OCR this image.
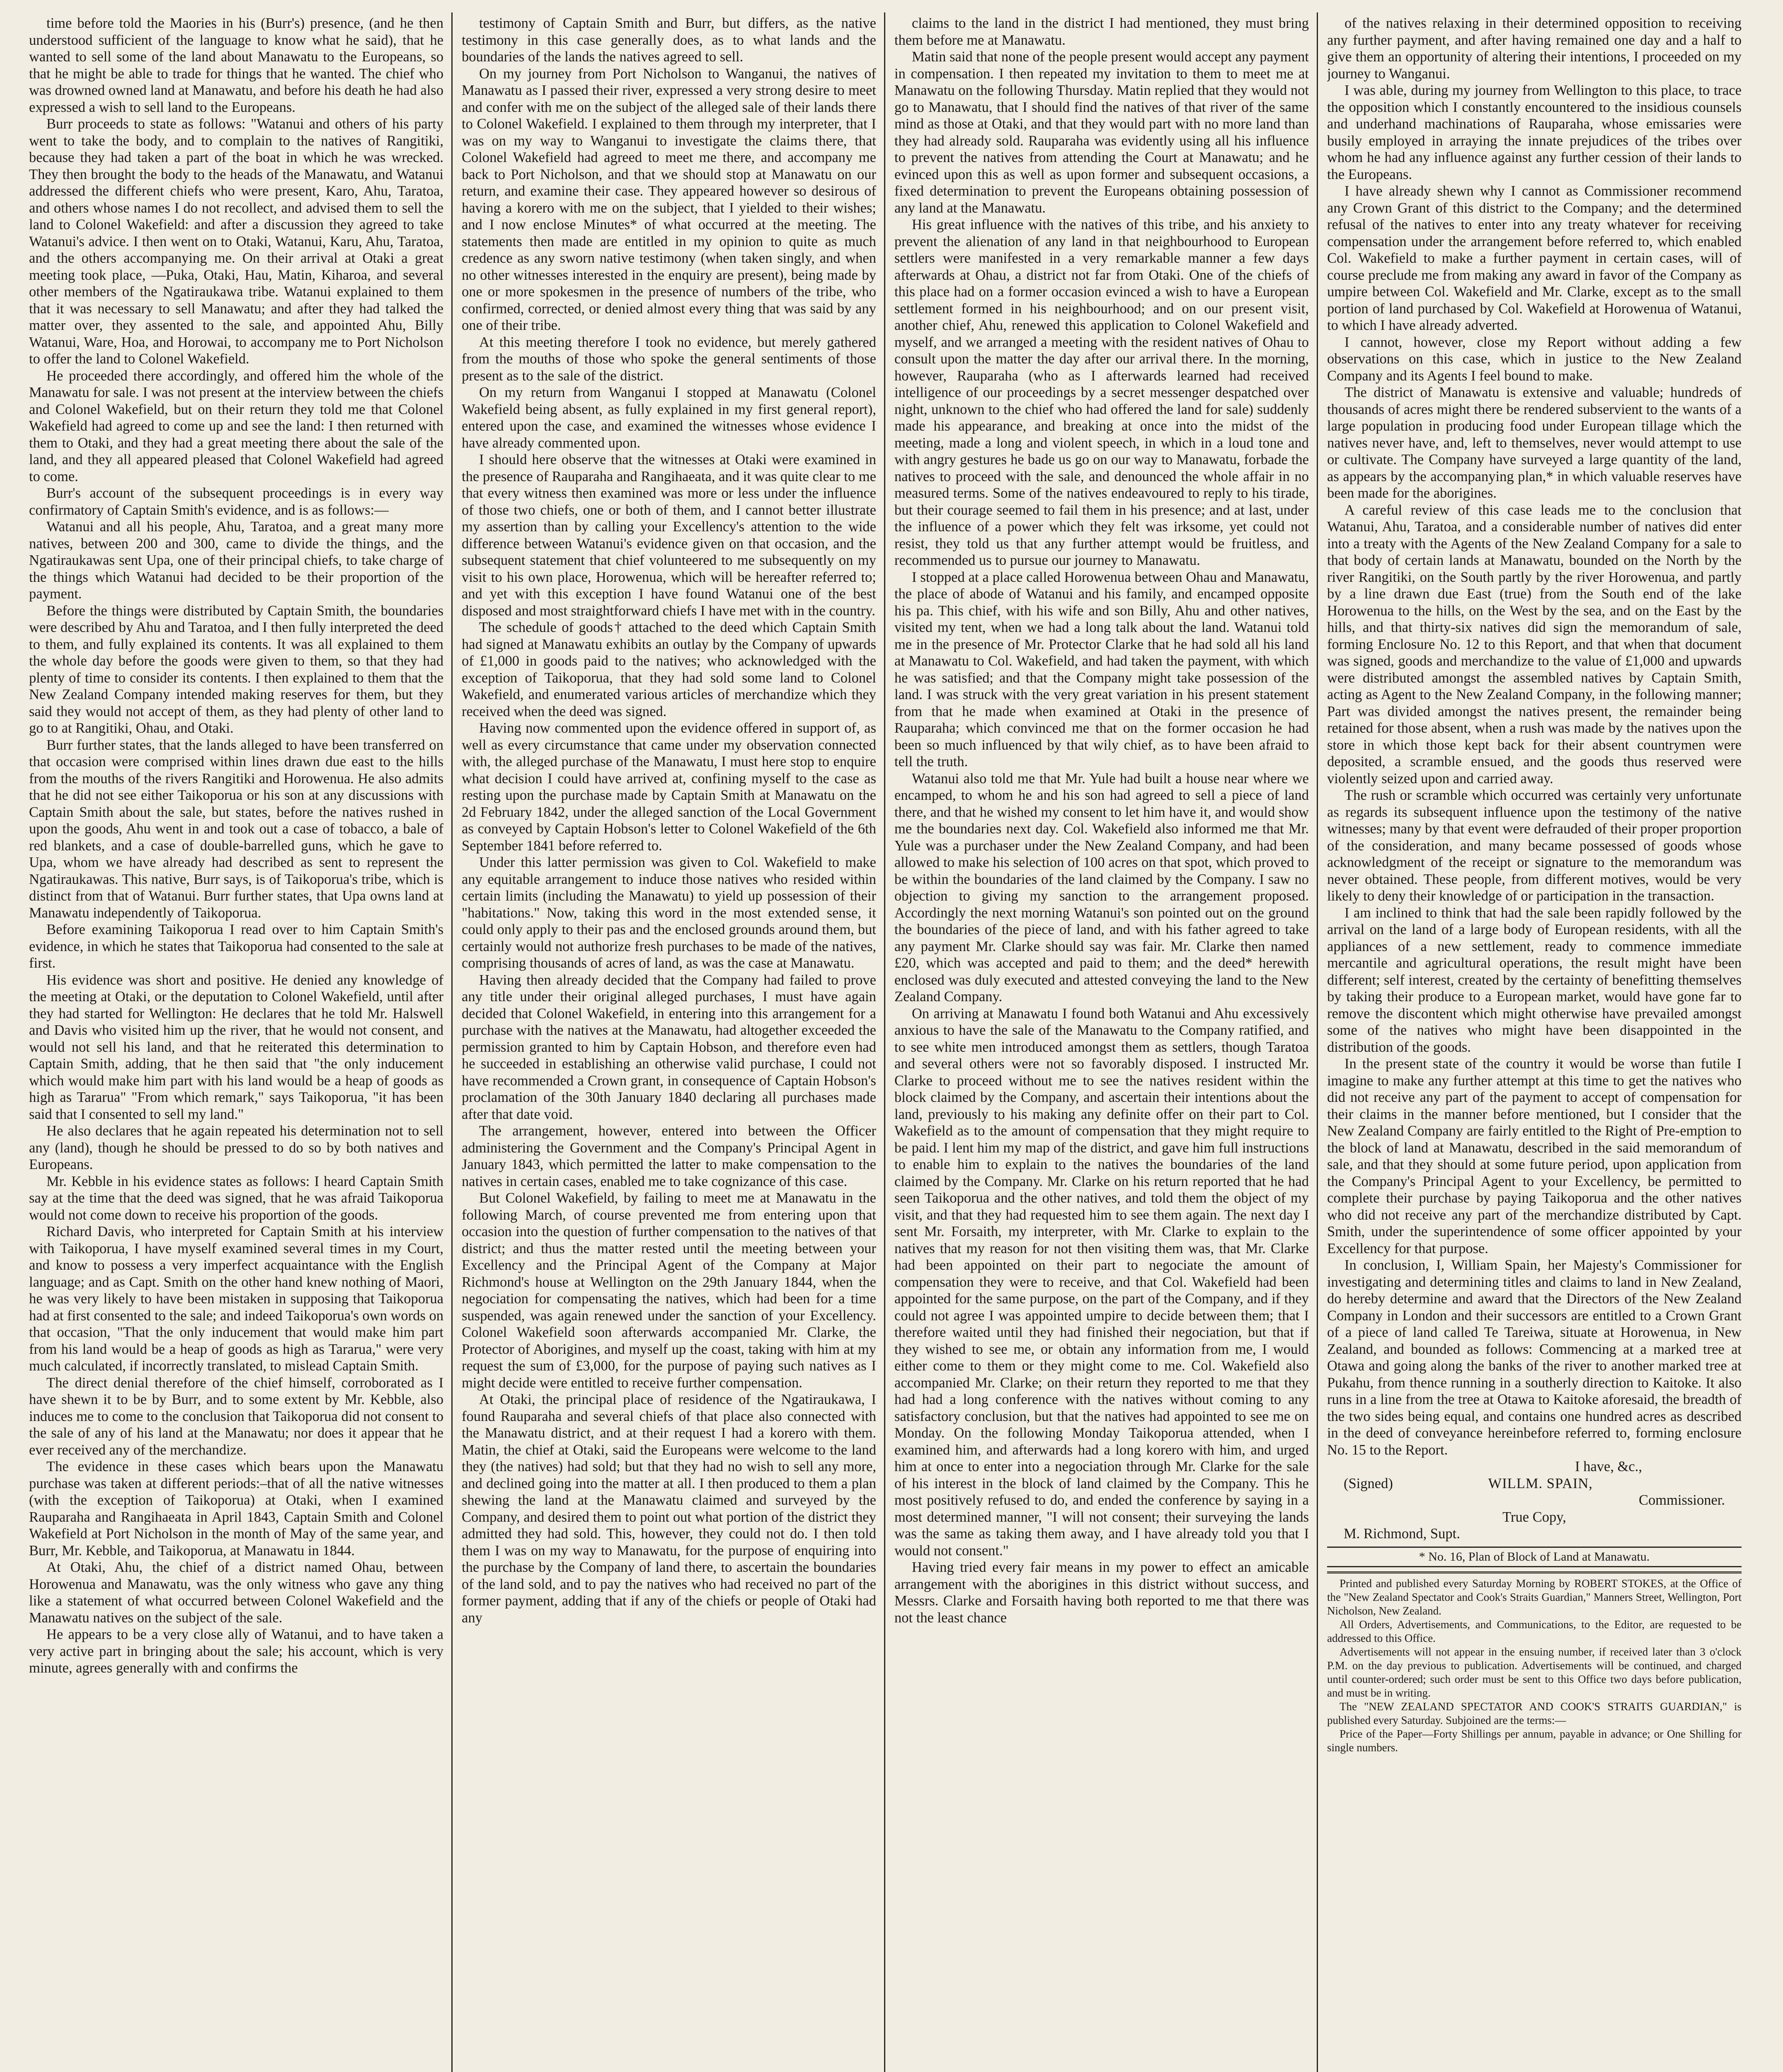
time before told the Maories in his (Burr's) presence, (and he then understood sufficient of the language to know what he said), that he wanted to sell some of the land about Manawatu to the Europeans, so that he might be able to trade for things that he wanted. The chief who was drowned owned land at Manawatu, and before his death he had also expressed a wish to sell land to the Europeans.

Burr proceeds to state as follows: "Watanui and others of his party went to take the body, and to complain to the natives of Rangitiki, because they had taken a part of the boat in which he was wrecked. They then brought the body to the heads of the Manawatu, and Watanui addressed the different chiefs who were present, Karo, Ahu, Taratoa, and others whose names I do not recollect, and advised them to sell the land to Colonel Wakefield: and after a discussion they agreed to take Watanui's advice. I then went on to Otaki, Watanui, Karu, Ahu, Taratoa, and the others accompanying me. On their arrival at Otaki a great meeting took place, —Puka, Otaki, Hau, Matin, Kiharoa, and several other members of the Ngatiraukawa tribe. Watanui explained to them that it was necessary to sell Manawatu; and after they had talked the matter over, they assented to the sale, and appointed Ahu, Billy Watanui, Ware, Hoa, and Horowai, to accompany me to Port Nicholson to offer the land to Colonel Wakefield.

He proceeded there accordingly, and offered him the whole of the Manawatu for sale. I was not present at the interview between the chiefs and Colonel Wakefield, but on their return they told me that Colonel Wakefield had agreed to come up and see the land: I then returned with them to Otaki, and they had a great meeting there about the sale of the land, and they all appeared pleased that Colonel Wakefield had agreed to come.

Burr's account of the subsequent proceedings is in every way confirmatory of Captain Smith's evidence, and is as follows:—

Watanui and all his people, Ahu, Taratoa, and a great many more natives, between 200 and 300, came to divide the things, and the Ngatiraukawas sent Upa, one of their principal chiefs, to take charge of the things which Watanui had decided to be their proportion of the payment.

Before the things were distributed by Captain Smith, the boundaries were described by Ahu and Taratoa, and I then fully interpreted the deed to them, and fully explained its contents. It was all explained to them the whole day before the goods were given to them, so that they had plenty of time to consider its contents. I then explained to them that the New Zealand Company intended making reserves for them, but they said they would not accept of them, as they had plenty of other land to go to at Rangitiki, Ohau, and Otaki.

Burr further states, that the lands alleged to have been transferred on that occasion were comprised within lines drawn due east to the hills from the mouths of the rivers Rangitiki and Horowenua. He also admits that he did not see either Taikoporua or his son at any discussions with Captain Smith about the sale, but states, before the natives rushed in upon the goods, Ahu went in and took out a case of tobacco, a bale of red blankets, and a case of double-barrelled guns, which he gave to Upa, whom we have already had described as sent to represent the Ngatiraukawas. This native, Burr says, is of Taikoporua's tribe, which is distinct from that of Watanui. Burr further states, that Upa owns land at Manawatu independently of Taikoporua.

Before examining Taikoporua I read over to him Captain Smith's evidence, in which he states that Taikoporua had consented to the sale at first.

His evidence was short and positive. He denied any knowledge of the meeting at Otaki, or the deputation to Colonel Wakefield, until after they had started for Wellington: He declares that he told Mr. Halswell and Davis who visited him up the river, that he would not consent, and would not sell his land, and that he reiterated this determination to Captain Smith, adding, that he then said that "the only inducement which would make him part with his land would be a heap of goods as high as Tararua" "From which remark," says Taikoporua, "it has been said that I consented to sell my land."

He also declares that he again repeated his determination not to sell any (land), though he should be pressed to do so by both natives and Europeans.

Mr. Kebble in his evidence states as follows: I heard Captain Smith say at the time that the deed was signed, that he was afraid Taikoporua would not come down to receive his proportion of the goods.

Richard Davis, who interpreted for Captain Smith at his interview with Taikoporua, I have myself examined several times in my Court, and know to possess a very imperfect acquaintance with the English language; and as Capt. Smith on the other hand knew nothing of Maori, he was very likely to have been mistaken in supposing that Taikoporua had at first consented to the sale; and indeed Taikoporua's own words on that occasion, "That the only inducement that would make him part from his land would be a heap of goods as high as Tararua," were very much calculated, if incorrectly translated, to mislead Captain Smith.

The direct denial therefore of the chief himself, corroborated as I have shewn it to be by Burr, and to some extent by Mr. Kebble, also induces me to come to the conclusion that Taikoporua did not consent to the sale of any of his land at the Manawatu; nor does it appear that he ever received any of the merchandize.

The evidence in these cases which bears upon the Manawatu purchase was taken at different periods:–that of all the native witnesses (with the exception of Taikoporua) at Otaki, when I examined Rauparaha and Rangihaeata in April 1843, Captain Smith and Colonel Wakefield at Port Nicholson in the month of May of the same year, and Burr, Mr. Kebble, and Taikoporua, at Manawatu in 1844.

At Otaki, Ahu, the chief of a district named Ohau, between Horowenua and Manawatu, was the only witness who gave any thing like a statement of what occurred between Colonel Wakefield and the Manawatu natives on the subject of the sale.

He appears to be a very close ally of Watanui, and to have taken a very active part in bringing about the sale; his account, which is very minute, agrees generally with and confirms the

testimony of Captain Smith and Burr, but differs, as the native testimony in this case generally does, as to what lands and the boundaries of the lands the natives agreed to sell.

On my journey from Port Nicholson to Wanganui, the natives of Manawatu as I passed their river, expressed a very strong desire to meet and confer with me on the subject of the alleged sale of their lands there to Colonel Wakefield. I explained to them through my interpreter, that I was on my way to Wanganui to investigate the claims there, that Colonel Wakefield had agreed to meet me there, and accompany me back to Port Nicholson, and that we should stop at Manawatu on our return, and examine their case. They appeared however so desirous of having a korero with me on the subject, that I yielded to their wishes; and I now enclose Minutes* of what occurred at the meeting. The statements then made are entitled in my opinion to quite as much credence as any sworn native testimony (when taken singly, and when no other witnesses interested in the enquiry are present), being made by one or more spokesmen in the presence of numbers of the tribe, who confirmed, corrected, or denied almost every thing that was said by any one of their tribe.

At this meeting therefore I took no evidence, but merely gathered from the mouths of those who spoke the general sentiments of those present as to the sale of the district.

On my return from Wanganui I stopped at Manawatu (Colonel Wakefield being absent, as fully explained in my first general report), entered upon the case, and examined the witnesses whose evidence I have already commented upon.

I should here observe that the witnesses at Otaki were examined in the presence of Rauparaha and Rangihaeata, and it was quite clear to me that every witness then examined was more or less under the influence of those two chiefs, one or both of them, and I cannot better illustrate my assertion than by calling your Excellency's attention to the wide difference between Watanui's evidence given on that occasion, and the subsequent statement that chief volunteered to me subsequently on my visit to his own place, Horowenua, which will be hereafter referred to; and yet with this exception I have found Watanui one of the best disposed and most straightforward chiefs I have met with in the country.

The schedule of goods† attached to the deed which Captain Smith had signed at Manawatu exhibits an outlay by the Company of upwards of £1,000 in goods paid to the natives; who acknowledged with the exception of Taikoporua, that they had sold some land to Colonel Wakefield, and enumerated various articles of merchandize which they received when the deed was signed.

Having now commented upon the evidence offered in support of, as well as every circumstance that came under my observation connected with, the alleged purchase of the Manawatu, I must here stop to enquire what decision I could have arrived at, confining myself to the case as resting upon the purchase made by Captain Smith at Manawatu on the 2d February 1842, under the alleged sanction of the Local Government as conveyed by Captain Hobson's letter to Colonel Wakefield of the 6th September 1841 before referred to.

Under this latter permission was given to Col. Wakefield to make any equitable arrangement to induce those natives who resided within certain limits (including the Manawatu) to yield up possession of their "habitations." Now, taking this word in the most extended sense, it could only apply to their pas and the enclosed grounds around them, but certainly would not authorize fresh purchases to be made of the natives, comprising thousands of acres of land, as was the case at Manawatu.

Having then already decided that the Company had failed to prove any title under their original alleged purchases, I must have again decided that Colonel Wakefield, in entering into this arrangement for a purchase with the natives at the Manawatu, had altogether exceeded the permission granted to him by Captain Hobson, and therefore even had he succeeded in establishing an otherwise valid purchase, I could not have recommended a Crown grant, in consequence of Captain Hobson's proclamation of the 30th January 1840 declaring all purchases made after that date void.

The arrangement, however, entered into between the Officer administering the Government and the Company's Principal Agent in January 1843, which permitted the latter to make compensation to the natives in certain cases, enabled me to take cognizance of this case.

But Colonel Wakefield, by failing to meet me at Manawatu in the following March, of course prevented me from entering upon that occasion into the question of further compensation to the natives of that district; and thus the matter rested until the meeting between your Excellency and the Principal Agent of the Company at Major Richmond's house at Wellington on the 29th January 1844, when the negociation for compensating the natives, which had been for a time suspended, was again renewed under the sanction of your Excellency. Colonel Wakefield soon afterwards accompanied Mr. Clarke, the Protector of Aborigines, and myself up the coast, taking with him at my request the sum of £3,000, for the purpose of paying such natives as I might decide were entitled to receive further compensation.

At Otaki, the principal place of residence of the Ngatiraukawa, I found Rauparaha and several chiefs of that place also connected with the Manawatu district, and at their request I had a korero with them. Matin, the chief at Otaki, said the Europeans were welcome to the land they (the natives) had sold; but that they had no wish to sell any more, and declined going into the matter at all. I then produced to them a plan shewing the land at the Manawatu claimed and surveyed by the Company, and desired them to point out what portion of the district they admitted they had sold. This, however, they could not do. I then told them I was on my way to Manawatu, for the purpose of enquiring into the purchase by the Company of land there, to ascertain the boundaries of the land sold, and to pay the natives who had received no part of the former payment, adding that if any of the chiefs or people of Otaki had any

claims to the land in the district I had mentioned, they must bring them before me at Manawatu.

Matin said that none of the people present would accept any payment in compensation. I then repeated my invitation to them to meet me at Manawatu on the following Thursday. Matin replied that they would not go to Manawatu, that I should find the natives of that river of the same mind as those at Otaki, and that they would part with no more land than they had already sold. Rauparaha was evidently using all his influence to prevent the natives from attending the Court at Manawatu; and he evinced upon this as well as upon former and subsequent occasions, a fixed determination to prevent the Europeans obtaining possession of any land at the Manawatu.

His great influence with the natives of this tribe, and his anxiety to prevent the alienation of any land in that neighbourhood to European settlers were manifested in a very remarkable manner a few days afterwards at Ohau, a district not far from Otaki. One of the chiefs of this place had on a former occasion evinced a wish to have a European settlement formed in his neighbourhood; and on our present visit, another chief, Ahu, renewed this application to Colonel Wakefield and myself, and we arranged a meeting with the resident natives of Ohau to consult upon the matter the day after our arrival there. In the morning, however, Rauparaha (who as I afterwards learned had received intelligence of our proceedings by a secret messenger despatched over night, unknown to the chief who had offered the land for sale) suddenly made his appearance, and breaking at once into the midst of the meeting, made a long and violent speech, in which in a loud tone and with angry gestures he bade us go on our way to Manawatu, forbade the natives to proceed with the sale, and denounced the whole affair in no measured terms. Some of the natives endeavoured to reply to his tirade, but their courage seemed to fail them in his presence; and at last, under the influence of a power which they felt was irksome, yet could not resist, they told us that any further attempt would be fruitless, and recommended us to pursue our journey to Manawatu.

I stopped at a place called Horowenua between Ohau and Manawatu, the place of abode of Watanui and his family, and encamped opposite his pa. This chief, with his wife and son Billy, Ahu and other natives, visited my tent, when we had a long talk about the land. Watanui told me in the presence of Mr. Protector Clarke that he had sold all his land at Manawatu to Col. Wakefield, and had taken the payment, with which he was satisfied; and that the Company might take possession of the land. I was struck with the very great variation in his present statement from that he made when examined at Otaki in the presence of Rauparaha; which convinced me that on the former occasion he had been so much influenced by that wily chief, as to have been afraid to tell the truth.

Watanui also told me that Mr. Yule had built a house near where we encamped, to whom he and his son had agreed to sell a piece of land there, and that he wished my consent to let him have it, and would show me the boundaries next day. Col. Wakefield also informed me that Mr. Yule was a purchaser under the New Zealand Company, and had been allowed to make his selection of 100 acres on that spot, which proved to be within the boundaries of the land claimed by the Company. I saw no objection to giving my sanction to the arrangement proposed. Accordingly the next morning Watanui's son pointed out on the ground the boundaries of the piece of land, and with his father agreed to take any payment Mr. Clarke should say was fair. Mr. Clarke then named £20, which was accepted and paid to them; and the deed* herewith enclosed was duly executed and attested conveying the land to the New Zealand Company.

On arriving at Manawatu I found both Watanui and Ahu excessively anxious to have the sale of the Manawatu to the Company ratified, and to see white men introduced amongst them as settlers, though Taratoa and several others were not so favorably disposed. I instructed Mr. Clarke to proceed without me to see the natives resident within the block claimed by the Company, and ascertain their intentions about the land, previously to his making any definite offer on their part to Col. Wakefield as to the amount of compensation that they might require to be paid. I lent him my map of the district, and gave him full instructions to enable him to explain to the natives the boundaries of the land claimed by the Company. Mr. Clarke on his return reported that he had seen Taikoporua and the other natives, and told them the object of my visit, and that they had requested him to see them again. The next day I sent Mr. Forsaith, my interpreter, with Mr. Clarke to explain to the natives that my reason for not then visiting them was, that Mr. Clarke had been appointed on their part to negociate the amount of compensation they were to receive, and that Col. Wakefield had been appointed for the same purpose, on the part of the Company, and if they could not agree I was appointed umpire to decide between them; that I therefore waited until they had finished their negociation, but that if they wished to see me, or obtain any information from me, I would either come to them or they might come to me. Col. Wakefield also accompanied Mr. Clarke; on their return they reported to me that they had had a long conference with the natives without coming to any satisfactory conclusion, but that the natives had appointed to see me on Monday. On the following Monday Taikoporua attended, when I examined him, and afterwards had a long korero with him, and urged him at once to enter into a negociation through Mr. Clarke for the sale of his interest in the block of land claimed by the Company. This he most positively refused to do, and ended the conference by saying in a most determined manner, "I will not consent; their surveying the lands was the same as taking them away, and I have already told you that I would not consent."

Having tried every fair means in my power to effect an amicable arrangement with the aborigines in this district without success, and Messrs. Clarke and Forsaith having both reported to me that there was not the least chance

of the natives relaxing in their determined opposition to receiving any further payment, and after having remained one day and a half to give them an opportunity of altering their intentions, I proceeded on my journey to Wanganui.

I was able, during my journey from Wellington to this place, to trace the opposition which I constantly encountered to the insidious counsels and underhand machinations of Rauparaha, whose emissaries were busily employed in arraying the innate prejudices of the tribes over whom he had any influence against any further cession of their lands to the Europeans.

I have already shewn why I cannot as Commissioner recommend any Crown Grant of this district to the Company; and the determined refusal of the natives to enter into any treaty whatever for receiving compensation under the arrangement before referred to, which enabled Col. Wakefield to make a further payment in certain cases, will of course preclude me from making any award in favor of the Company as umpire between Col. Wakefield and Mr. Clarke, except as to the small portion of land purchased by Col. Wakefield at Horowenua of Watanui, to which I have already adverted.

I cannot, however, close my Report without adding a few observations on this case, which in justice to the New Zealand Company and its Agents I feel bound to make.

The district of Manawatu is extensive and valuable; hundreds of thousands of acres might there be rendered subservient to the wants of a large population in producing food under European tillage which the natives never have, and, left to themselves, never would attempt to use or cultivate. The Company have surveyed a large quantity of the land, as appears by the accompanying plan,* in which valuable reserves have been made for the aborigines.

A careful review of this case leads me to the conclusion that Watanui, Ahu, Taratoa, and a considerable number of natives did enter into a treaty with the Agents of the New Zealand Company for a sale to that body of certain lands at Manawatu, bounded on the North by the river Rangitiki, on the South partly by the river Horowenua, and partly by a line drawn due East (true) from the South end of the lake Horowenua to the hills, on the West by the sea, and on the East by the hills, and that thirty-six natives did sign the memorandum of sale, forming Enclosure No. 12 to this Report, and that when that document was signed, goods and merchandize to the value of £1,000 and upwards were distributed amongst the assembled natives by Captain Smith, acting as Agent to the New Zealand Company, in the following manner; Part was divided amongst the natives present, the remainder being retained for those absent, when a rush was made by the natives upon the store in which those kept back for their absent countrymen were deposited, a scramble ensued, and the goods thus reserved were violently seized upon and carried away.

The rush or scramble which occurred was certainly very unfortunate as regards its subsequent influence upon the testimony of the native witnesses; many by that event were defrauded of their proper proportion of the consideration, and many became possessed of goods whose acknowledgment of the receipt or signature to the memorandum was never obtained. These people, from different motives, would be very likely to deny their knowledge of or participation in the transaction.

I am inclined to think that had the sale been rapidly followed by the arrival on the land of a large body of European residents, with all the appliances of a new settlement, ready to commence immediate mercantile and agricultural operations, the result might have been different; self interest, created by the certainty of benefitting themselves by taking their produce to a European market, would have gone far to remove the discontent which might otherwise have prevailed amongst some of the natives who might have been disappointed in the distribution of the goods.

In the present state of the country it would be worse than futile I imagine to make any further attempt at this time to get the natives who did not receive any part of the payment to accept of compensation for their claims in the manner before mentioned, but I consider that the New Zealand Company are fairly entitled to the Right of Pre-emption to the block of land at Manawatu, described in the said memorandum of sale, and that they should at some future period, upon application from the Company's Principal Agent to your Excellency, be permitted to complete their purchase by paying Taikoporua and the other natives who did not receive any part of the merchandize distributed by Capt. Smith, under the superintendence of some officer appointed by your Excellency for that purpose.

In conclusion, I, William Spain, her Majesty's Commissioner for investigating and determining titles and claims to land in New Zealand, do hereby determine and award that the Directors of the New Zealand Company in London and their successors are entitled to a Crown Grant of a piece of land called Te Tareiwa, situate at Horowenua, in New Zealand, and bounded as follows: Commencing at a marked tree at Otawa and going along the banks of the river to another marked tree at Pukahu, from thence running in a southerly direction to Kaitoke. It also runs in a line from the tree at Otawa to Kaitoke aforesaid, the breadth of the two sides being equal, and contains one hundred acres as described in the deed of conveyance hereinbefore referred to, forming enclosure No. 15 to the Report.

I have, &c.,
(Signed)	WILLM. SPAIN,
Commissioner.
True Copy,
M. Richmond, Supt.
* No. 16, Plan of Block of Land at Manawatu.

Printed and published every Saturday Morning by ROBERT STOKES, at the Office of the "New Zealand Spectator and Cook's Straits Guardian," Manners Street, Wellington, Port Nicholson, New Zealand.

All Orders, Advertisements, and Communications, to the Editor, are requested to be addressed to this Office.

Advertisements will not appear in the ensuing number, if received later than 3 o'clock P.M. on the day previous to publication. Advertisements will be continued, and charged until counter-ordered; such order must be sent to this Office two days before publication, and must be in writing.

The "NEW ZEALAND SPECTATOR AND COOK'S STRAITS GUARDIAN," is published every Saturday. Subjoined are the terms:—

Price of the Paper—Forty Shillings per annum, payable in advance; or One Shilling for single numbers.
